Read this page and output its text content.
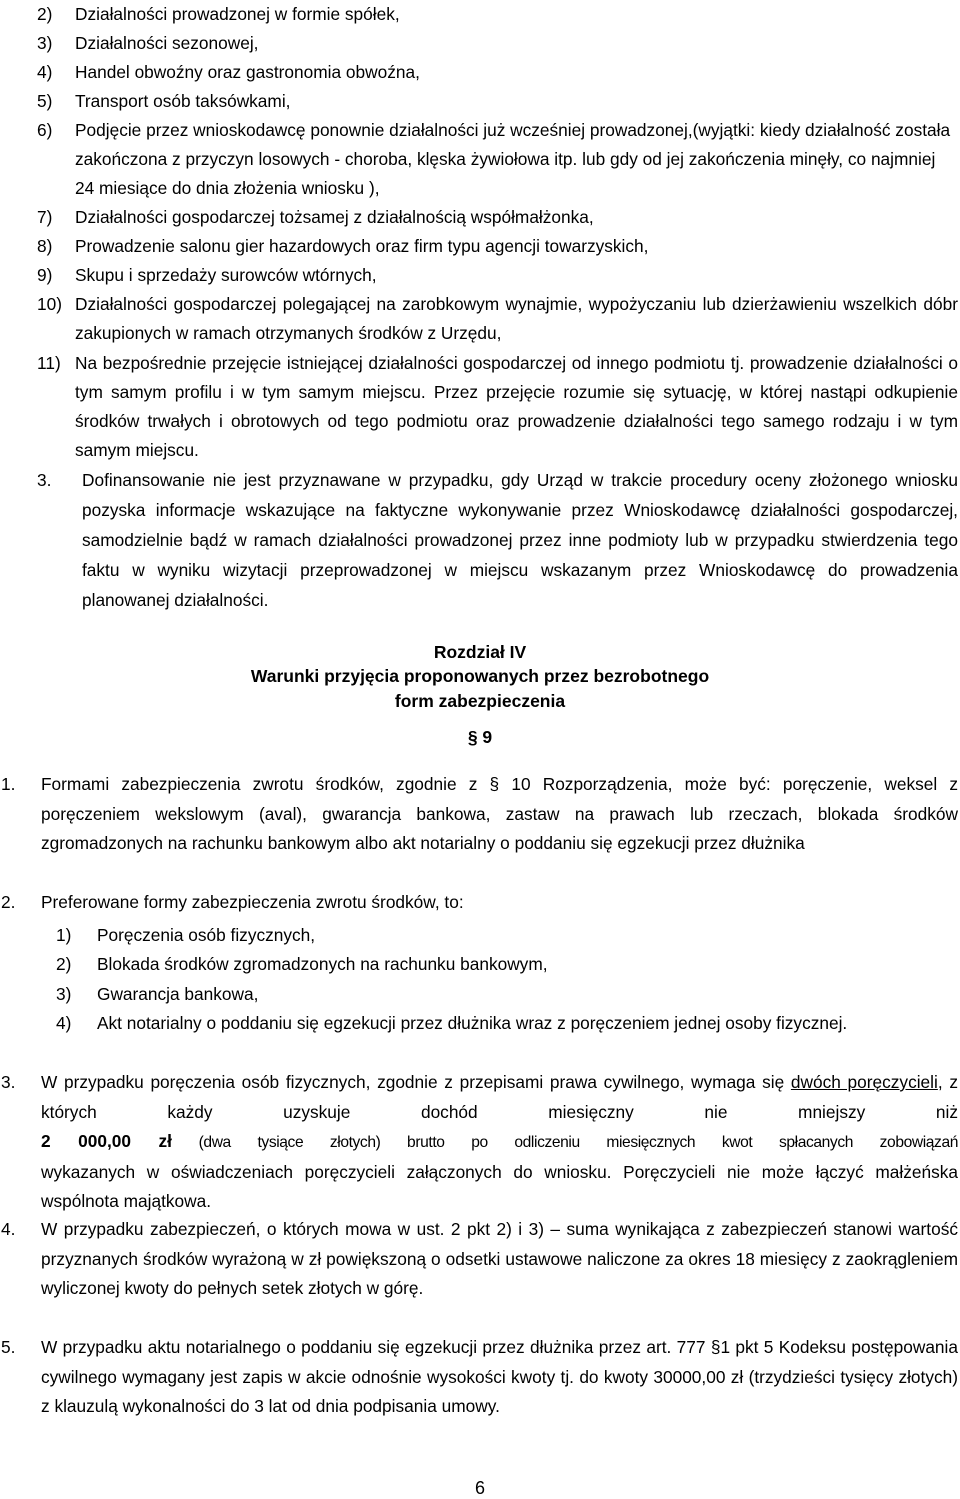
2) Działalności prowadzonej w formie spółek,
3) Działalności sezonowej,
4) Handel obwoźny oraz gastronomia obwoźna,
5) Transport osób taksówkami,
6) Podjęcie przez wnioskodawcę ponownie działalności już wcześniej prowadzonej,(wyjątki: kiedy działalność została zakończona z przyczyn losowych - choroba, klęska żywiołowa itp. lub gdy od jej zakończenia minęły, co najmniej 24 miesiące do dnia złożenia wniosku ),
7) Działalności gospodarczej tożsamej z działalnością współmałżonka,
8) Prowadzenie salonu gier hazardowych oraz firm typu agencji towarzyskich,
9) Skupu i sprzedaży surowców wtórnych,
10) Działalności gospodarczej polegającej na zarobkowym wynajmie, wypożyczaniu lub dzierżawieniu wszelkich dóbr zakupionych w ramach otrzymanych środków z Urzędu,
11) Na bezpośrednie przejęcie istniejącej działalności gospodarczej od innego podmiotu tj. prowadzenie działalności o tym samym profilu i w tym samym miejscu. Przez przejęcie rozumie się sytuację, w której nastąpi odkupienie środków trwałych i obrotowych od tego podmiotu oraz prowadzenie działalności tego samego rodzaju i w tym samym miejscu.
3. Dofinansowanie nie jest przyznawane w przypadku, gdy Urząd w trakcie procedury oceny złożonego wniosku pozyska informacje wskazujące na faktyczne wykonywanie przez Wnioskodawcę działalności gospodarczej, samodzielnie bądź w ramach działalności prowadzonej przez inne podmioty lub w przypadku stwierdzenia tego faktu w wyniku wizytacji przeprowadzonej w miejscu wskazanym przez Wnioskodawcę do prowadzenia planowanej działalności.
Rozdział IV
Warunki przyjęcia proponowanych przez bezrobotnego
form zabezpieczenia
§ 9
1. Formami zabezpieczenia zwrotu środków, zgodnie z § 10 Rozporządzenia, może być: poręczenie, weksel z poręczeniem wekslowym (aval), gwarancja bankowa, zastaw na prawach lub rzeczach, blokada środków zgromadzonych na rachunku bankowym albo akt notarialny o poddaniu się egzekucji przez dłużnika
2. Preferowane formy zabezpieczenia zwrotu środków, to:
1) Poręczenia osób fizycznych,
2) Blokada środków zgromadzonych na rachunku bankowym,
3) Gwarancja bankowa,
4) Akt notarialny o poddaniu się egzekucji przez dłużnika wraz z poręczeniem jednej osoby fizycznej.
3. W przypadku poręczenia osób fizycznych, zgodnie z przepisami prawa cywilnego, wymaga się dwóch poręczycieli, z których każdy uzyskuje dochód miesięczny nie mniejszy niż
2 000,00 zł (dwa tysiące złotych) brutto po odliczeniu miesięcznych kwot spłacanych zobowiązań
wykazanych w oświadczeniach poręczycieli załączonych do wniosku. Poręczycieli nie może łączyć małżeńska wspólnota majątkowa.
4. W przypadku zabezpieczeń, o których mowa w ust. 2 pkt 2) i 3) – suma wynikająca z zabezpieczeń stanowi wartość przyznanych środków wyrażoną w zł powiększoną o odsetki ustawowe naliczone za okres 18 miesięcy z zaokrągleniem wyliczonej kwoty do pełnych setek złotych w górę.
5. W przypadku aktu notarialnego o poddaniu się egzekucji przez dłużnika przez art. 777 §1 pkt 5 Kodeksu postępowania cywilnego wymagany jest zapis w akcie odnośnie wysokości kwoty tj. do kwoty 30000,00 zł (trzydzieści tysięcy złotych) z klauzulą wykonalności do 3 lat od dnia podpisania umowy.
6
